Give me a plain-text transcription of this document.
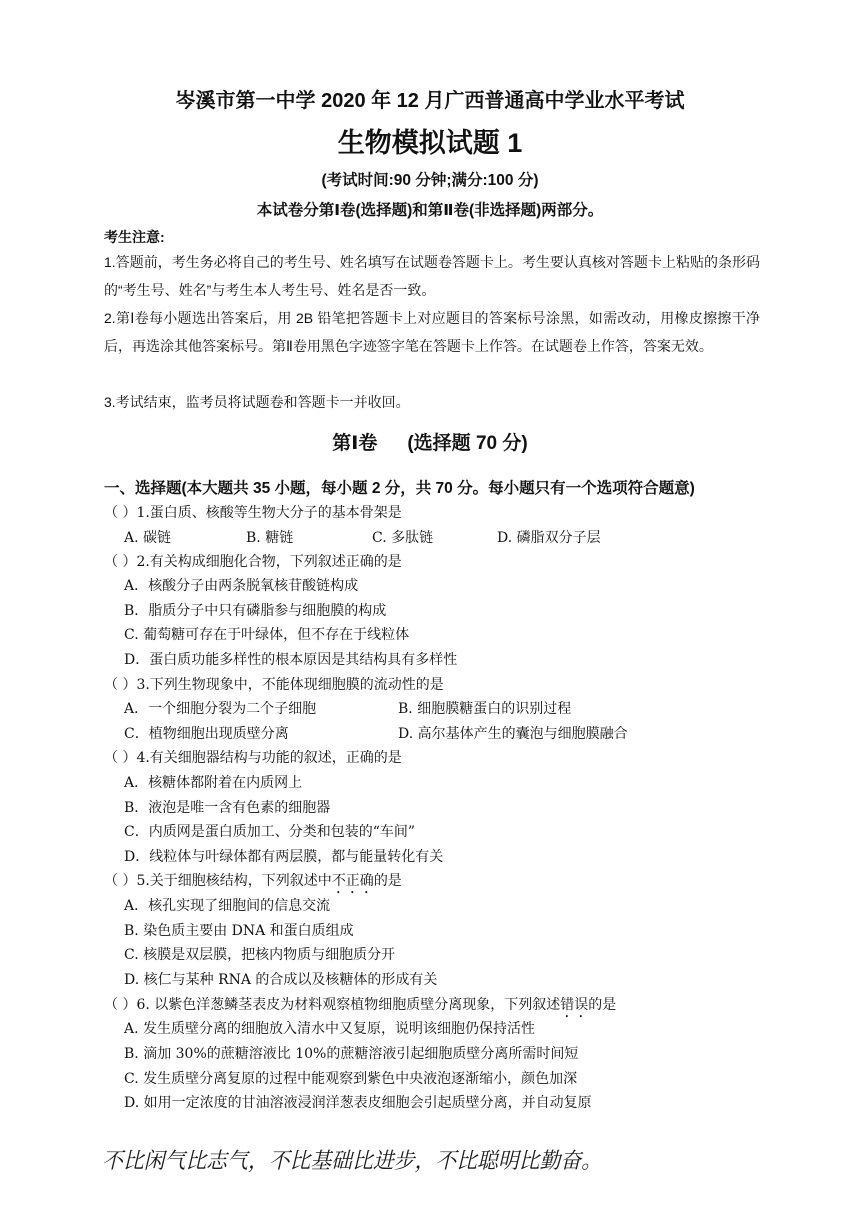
岑溪市第一中学 2020 年 12 月广西普通高中学业水平考试
生物模拟试题 1
(考试时间:90 分钟;满分:100 分)
本试卷分第Ⅰ卷(选择题)和第Ⅱ卷(非选择题)两部分。
考生注意:
1.答题前，考生务必将自己的考生号、姓名填写在试题卷答题卡上。考生要认真核对答题卡上粘贴的条形码的“考生号、姓名”与考生本人考生号、姓名是否一致。
2.第Ⅰ卷每小题选出答案后，用 2B 铅笔把答题卡上对应题目的答案标号涂黑，如需改动，用橡皮擦擦干净后，再选涂其他答案标号。第Ⅱ卷用黑色字迹签字笔在答题卡上作答。在试题卷上作答，答案无效。
3.考试结束，监考员将试题卷和答题卡一并收回。
第Ⅰ卷 (选择题 70 分)
一、选择题(本大题共 35 小题，每小题 2 分，共 70 分。每小题只有一个选项符合题意)
（ ）1.蛋白质、核酸等生物大分子的基本骨架是
A. 碳链	B. 糖链	C. 多肽链	D. 磷脂双分子层
（ ）2.有关构成细胞化合物，下列叙述正确的是
A．核酸分子由两条脱氧核苷酸链构成
B．脂质分子中只有磷脂参与细胞膜的构成
C. 葡萄糖可存在于叶绿体，但不存在于线粒体
D．蛋白质功能多样性的根本原因是其结构具有多样性
（ ）3.下列生物现象中，不能体现细胞膜的流动性的是
A．一个细胞分裂为二个子细胞	B. 细胞膜糖蛋白的识别过程
C．植物细胞出现质壁分离	D. 高尔基体产生的囊泡与细胞膜融合
（ ）4.有关细胞器结构与功能的叙述，正确的是
A．核糖体都附着在内质网上
B．液泡是唯一含有色素的细胞器
C．内质网是蛋白质加工、分类和包装的“车间”
D．线粒体与叶绿体都有两层膜，都与能量转化有关
（ ）5.关于细胞核结构，下列叙述中不正确的是
A．核孔实现了细胞间的信息交流
B. 染色质主要由 DNA 和蛋白质组成
C. 核膜是双层膜，把核内物质与细胞质分开
D. 核仁与某种 RNA 的合成以及核糖体的形成有关
（ ）6. 以紫色洋葱鳞茎表皮为材料观察植物细胞质壁分离现象，下列叙述错误的是
A. 发生质壁分离的细胞放入清水中又复原，说明该细胞仍保持活性
B. 滴加 30%的蔗糖溶液比 10%的蔗糖溶液引起细胞质壁分离所需时间短
C. 发生质壁分离复原的过程中能观察到紫色中央液泡逐渐缩小，颜色加深
D. 如用一定浓度的甘油溶液浸润洋葱表皮细胞会引起质壁分离，并自动复原
不比闲气比志气，不比基础比进步，不比聪明比勤奋。
